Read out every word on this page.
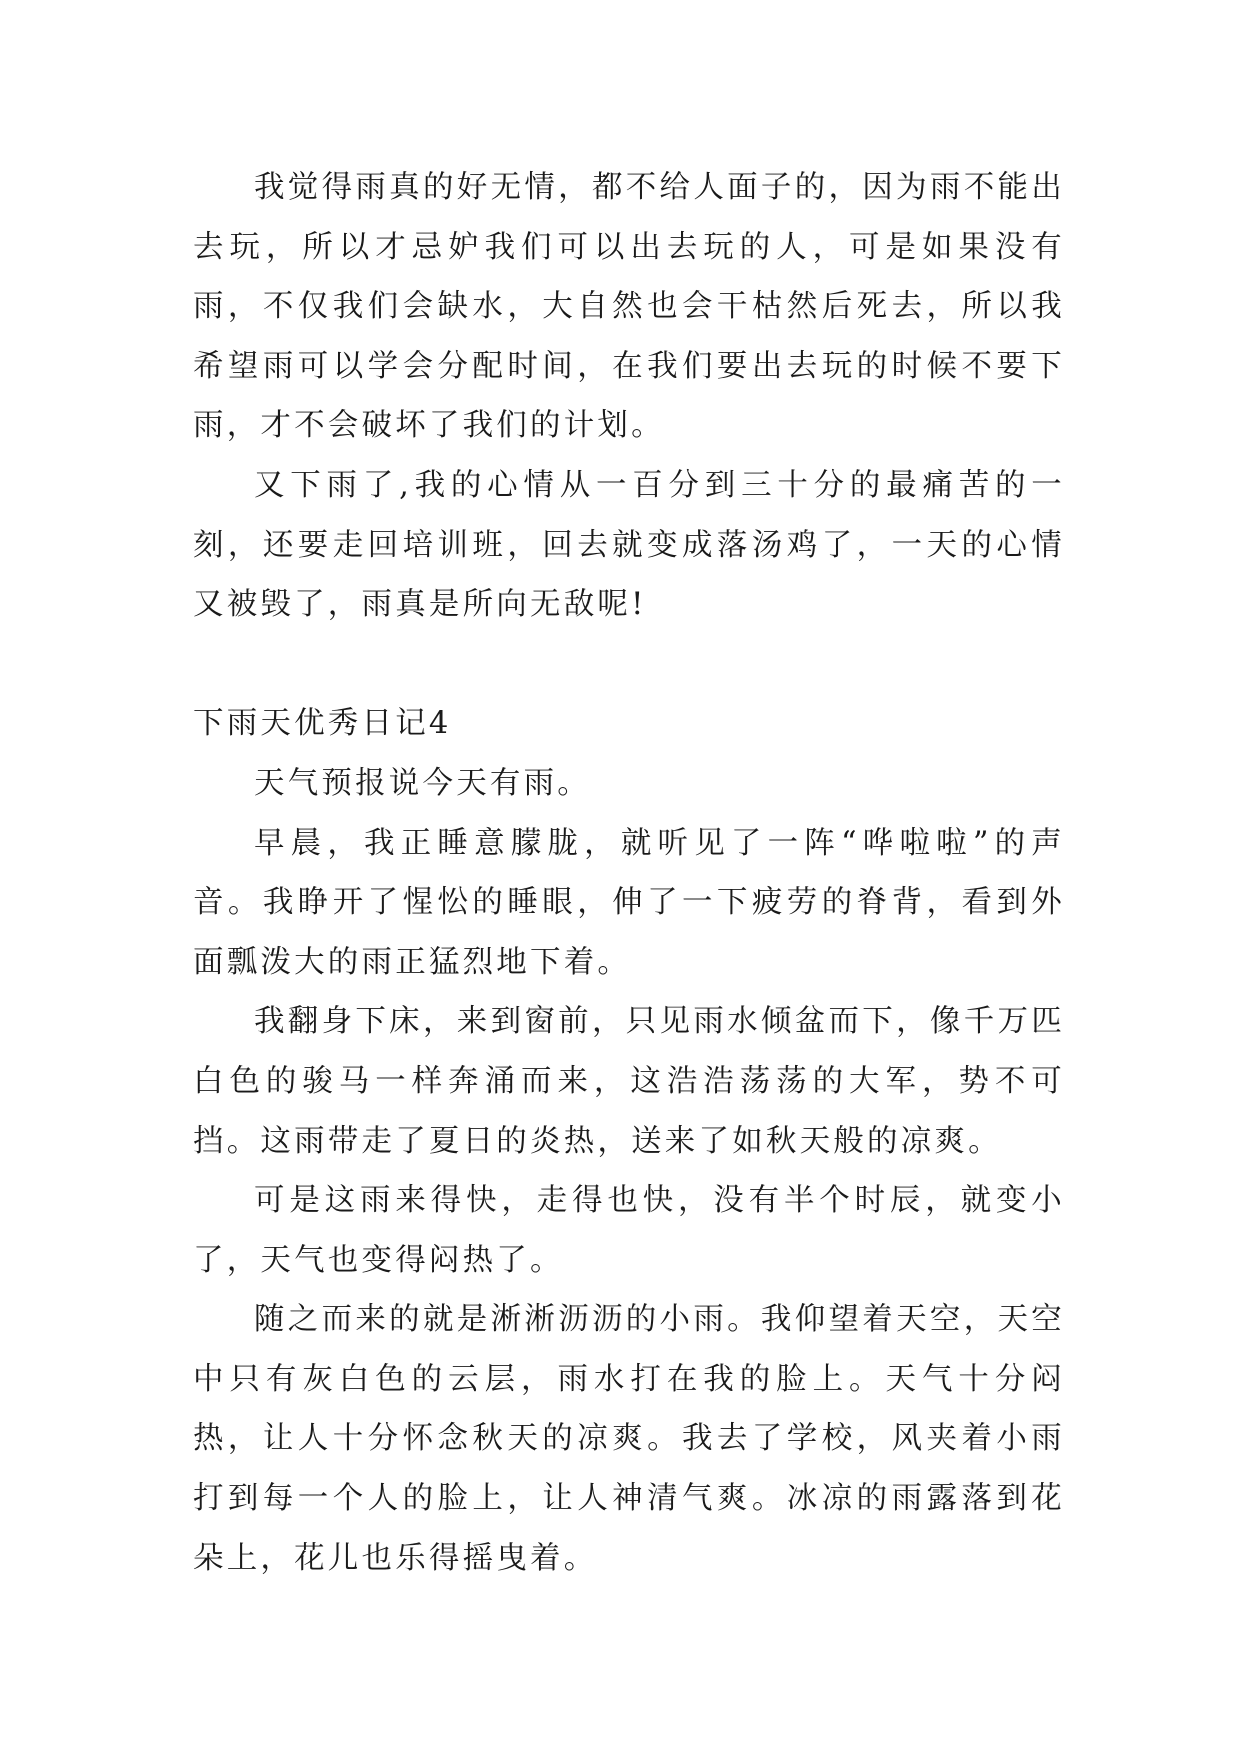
我觉得雨真的好无情，都不给人面子的，因为雨不能出去玩，所以才忌妒我们可以出去玩的人，可是如果没有雨，不仅我们会缺水，大自然也会干枯然后死去，所以我希望雨可以学会分配时间，在我们要出去玩的时候不要下雨，才不会破坏了我们的计划。

又下雨了,我的心情从一百分到三十分的最痛苦的一刻，还要走回培训班，回去就变成落汤鸡了，一天的心情又被毁了，雨真是所向无敌呢!

下雨天优秀日记4

天气预报说今天有雨。

早晨，我正睡意朦胧，就听见了一阵“哗啦啦”的声音。我睁开了惺忪的睡眼，伸了一下疲劳的脊背，看到外面瓢泼大的雨正猛烈地下着。

我翻身下床，来到窗前，只见雨水倾盆而下，像千万匹白色的骏马一样奔涌而来，这浩浩荡荡的大军，势不可挡。这雨带走了夏日的炎热，送来了如秋天般的凉爽。

可是这雨来得快，走得也快，没有半个时辰，就变小了，天气也变得闷热了。

随之而来的就是淅淅沥沥的小雨。我仰望着天空，天空中只有灰白色的云层，雨水打在我的脸上。天气十分闷热，让人十分怀念秋天的凉爽。我去了学校，风夹着小雨打到每一个人的脸上，让人神清气爽。冰凉的雨露落到花朵上，花儿也乐得摇曳着。
